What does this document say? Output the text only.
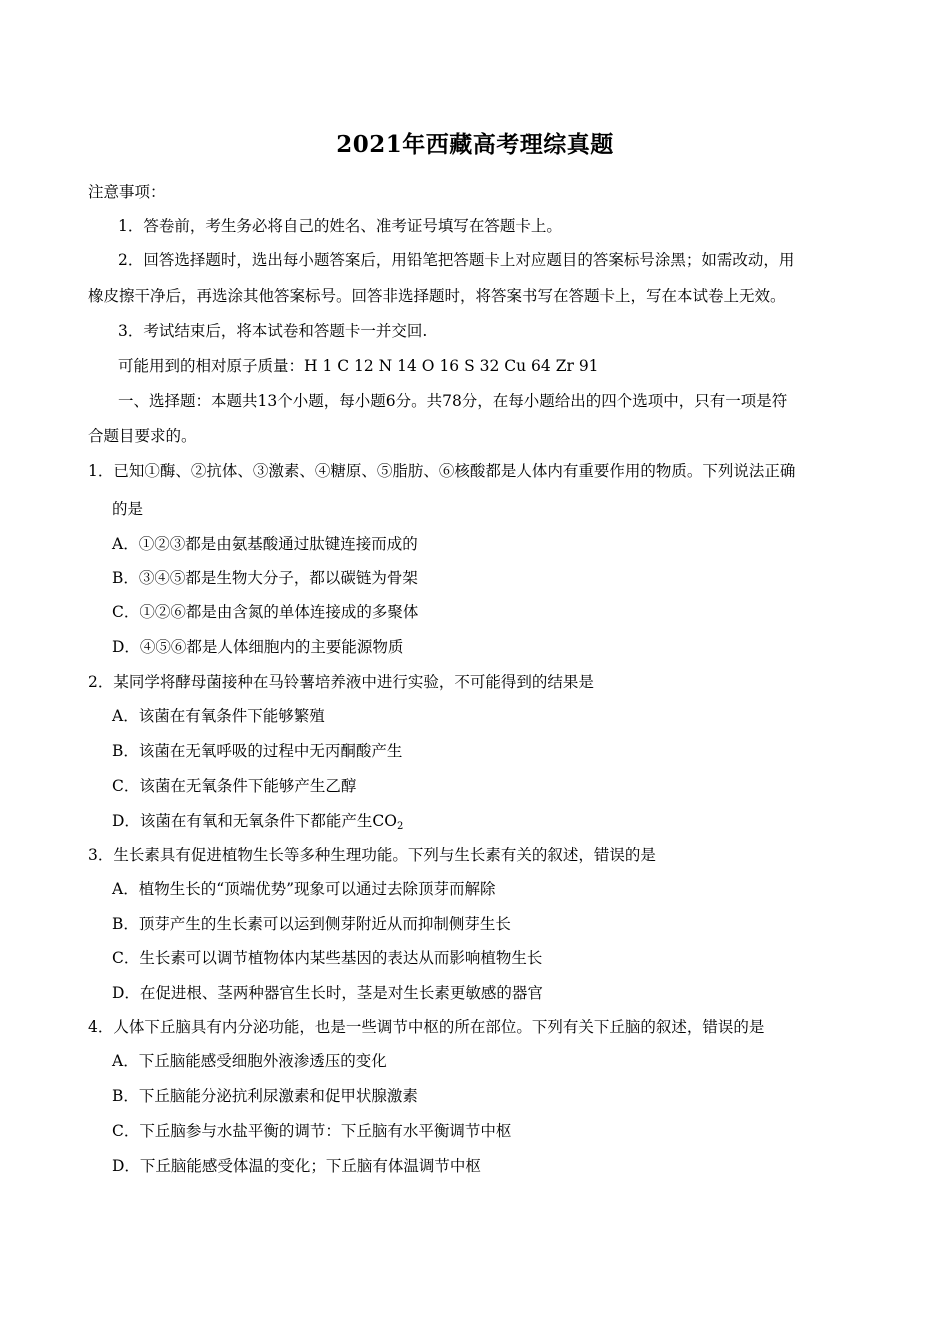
2021年西藏高考理综真题
注意事项：
1．答卷前，考生务必将自己的姓名、准考证号填写在答题卡上。
2．回答选择题时，选出每小题答案后，用铅笔把答题卡上对应题目的答案标号涂黑；如需改动，用
橡皮擦干净后，再选涂其他答案标号。回答非选择题时，将答案书写在答题卡上，写在本试卷上无效。
3．考试结束后，将本试卷和答题卡一并交回.
可能用到的相对原子质量：H 1 C 12 N 14 O 16 S 32 Cu 64 Zr 91
一、选择题：本题共13个小题，每小题6分。共78分，在每小题给出的四个选项中，只有一项是符
合题目要求的。
1．已知①酶、②抗体、③激素、④糖原、⑤脂肪、⑥核酸都是人体内有重要作用的物质。下列说法正确
的是
A．①②③都是由氨基酸通过肽键连接而成的
B．③④⑤都是生物大分子，都以碳链为骨架
C．①②⑥都是由含氮的单体连接成的多聚体
D．④⑤⑥都是人体细胞内的主要能源物质
2．某同学将酵母菌接种在马铃薯培养液中进行实验，不可能得到的结果是
A．该菌在有氧条件下能够繁殖
B．该菌在无氧呼吸的过程中无丙酮酸产生
C．该菌在无氧条件下能够产生乙醇
D．该菌在有氧和无氧条件下都能产生$CO_2$
3．生长素具有促进植物生长等多种生理功能。下列与生长素有关的叙述，错误的是
A．植物生长的“顶端优势”现象可以通过去除顶芽而解除
B．顶芽产生的生长素可以运到侧芽附近从而抑制侧芽生长
C．生长素可以调节植物体内某些基因的表达从而影响植物生长
D．在促进根、茎两种器官生长时，茎是对生长素更敏感的器官
4．人体下丘脑具有内分泌功能，也是一些调节中枢的所在部位。下列有关下丘脑的叙述，错误的是
A．下丘脑能感受细胞外液渗透压的变化
B．下丘脑能分泌抗利尿激素和促甲状腺激素
C．下丘脑参与水盐平衡的调节：下丘脑有水平衡调节中枢
D．下丘脑能感受体温的变化；下丘脑有体温调节中枢
